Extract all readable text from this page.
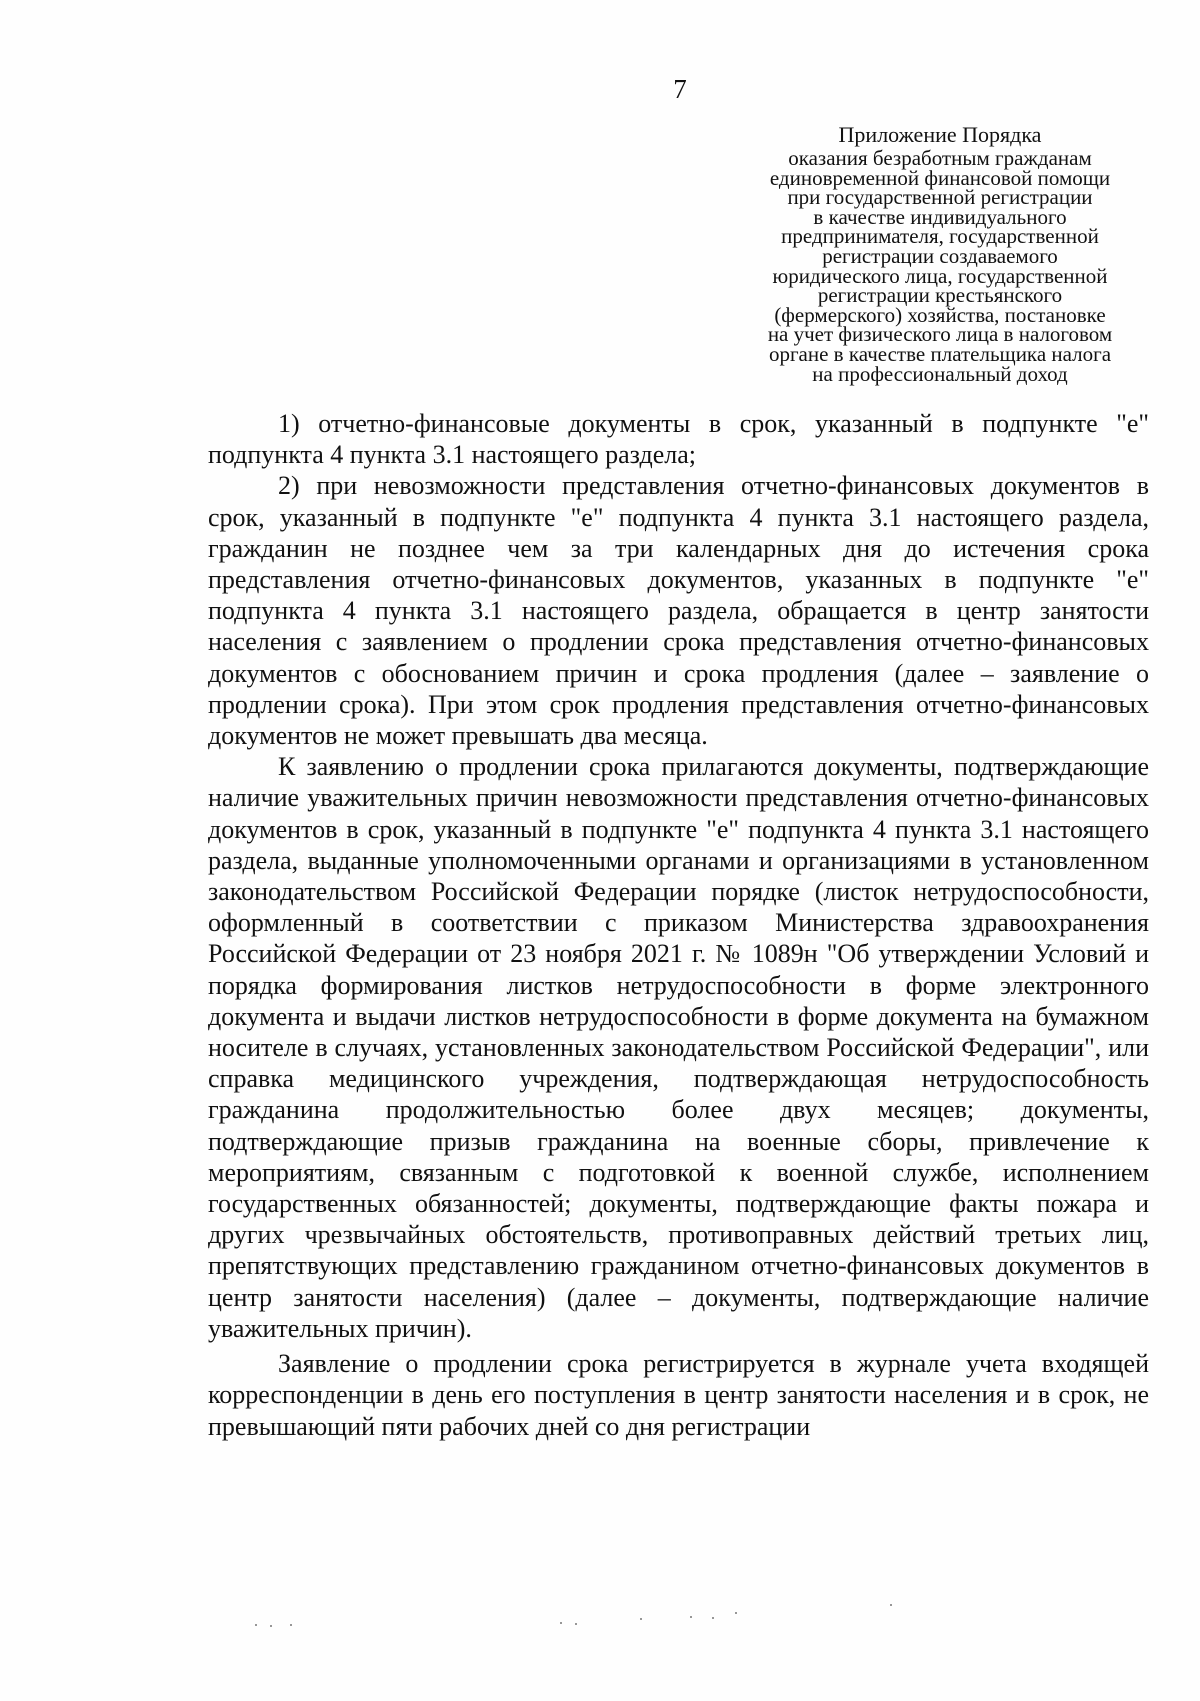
7
Приложение Порядка
оказания безработным гражданам
единовременной финансовой помощи
при государственной регистрации
в качестве индивидуального
предпринимателя, государственной
регистрации создаваемого
юридического лица, государственной
регистрации крестьянского
(фермерского) хозяйства, постановке
на учет физического лица в налоговом
органе в качестве плательщика налога
на профессиональный доход

1) отчетно-финансовые документы в срок, указанный в подпункте "е" подпункта 4 пункта 3.1 настоящего раздела;

2) при невозможности представления отчетно-финансовых документов в срок, указанный в подпункте "е" подпункта 4 пункта 3.1 настоящего раздела, гражданин не позднее чем за три календарных дня до истечения срока представления отчетно-финансовых документов, указанных в подпункте "е" подпункта 4 пункта 3.1 настоящего раздела, обращается в центр занятости населения с заявлением о продлении срока представления отчетно-финансовых документов с обоснованием причин и срока продления (далее – заявление о продлении срока). При этом срок продления представления отчетно-финансовых документов не может превышать два месяца.

К заявлению о продлении срока прилагаются документы, подтверждающие наличие уважительных причин невозможности представления отчетно-финансовых документов в срок, указанный в подпункте "е" подпункта 4 пункта 3.1 настоящего раздела, выданные уполномоченными органами и организациями в установленном законодательством Российской Федерации порядке (листок нетрудоспособности, оформленный в соответствии с приказом Министерства здравоохранения Российской Федерации от 23 ноября 2021 г. № 1089н "Об утверждении Условий и порядка формирования листков нетрудоспособности в форме электронного документа и выдачи листков нетрудоспособности в форме документа на бумажном носителе в случаях, установленных законодательством Российской Федерации", или справка медицинского учреждения, подтверждающая нетрудоспособность гражданина продолжительностью более двух месяцев; документы, подтверждающие призыв гражданина на военные сборы, привлечение к мероприятиям, связанным с подготовкой к военной службе, исполнением государственных обязанностей; документы, подтверждающие факты пожара и других чрезвычайных обстоятельств, противоправных действий третьих лиц, препятствующих представлению гражданином отчетно-финансовых документов в центр занятости населения) (далее – документы, подтверждающие наличие уважительных причин).

Заявление о продлении срока регистрируется в журнале учета входящей корреспонденции в день его поступления в центр занятости населения и в срок, не превышающий пяти рабочих дней со дня регистрации
